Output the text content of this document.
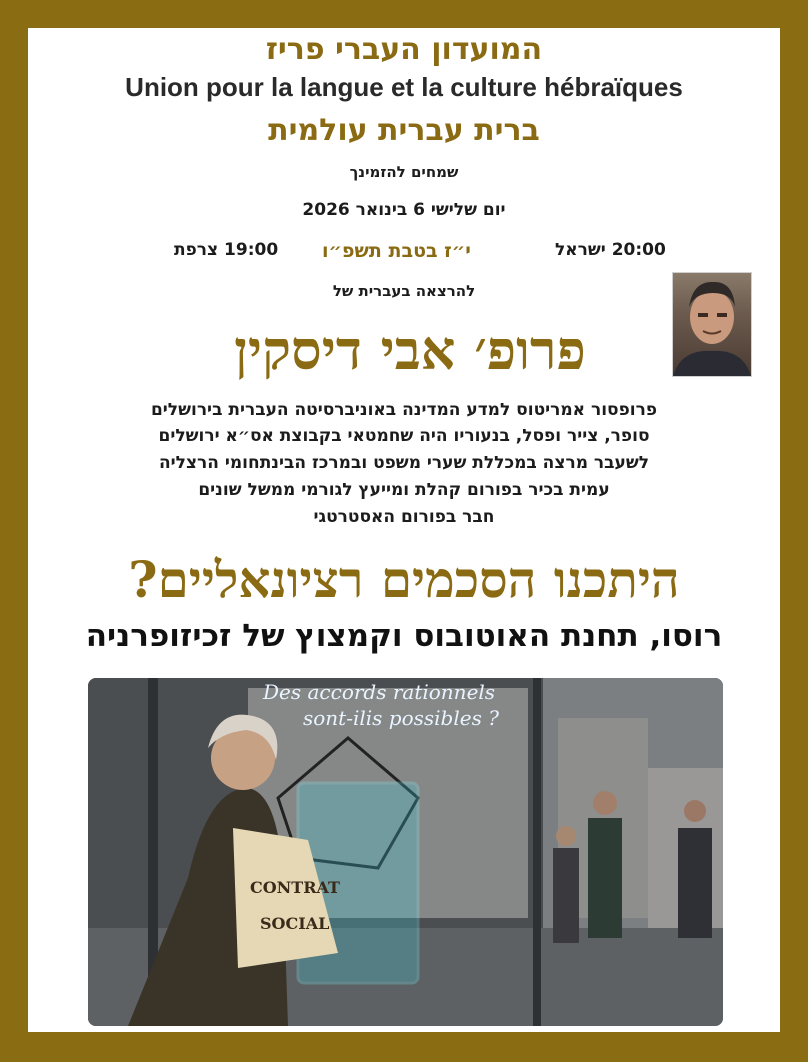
המועדון העברי פריז
Union pour la langue et la culture hébraïques
ברית עברית עולמית
שמחים להזמינך
יום שלישי 6 בינואר 2026
19:00 צרפת י״ז בטבת תשפ״ו	20:00 ישראל
להרצאה בעברית של
פרופ׳ אבי דיסקין
פרופסור אמריטוס למדע המדינה באוניברסיטה העברית בירושלים
סופר, צייר ופסל, בנעוריו היה שחמטאי בקבוצת אס״א ירושלים
לשעבר מרצה במכללת שערי משפט ובמרכז הבינתחומי הרצליה
עמית בכיר בפורום קהלת ומייעץ לגורמי ממשל שונים
חבר בפורום האסטרטגי
היתכנו הסכמים רציונאליים?
רוסו, תחנת האוטובוס וקמצוץ של זכיזופרניה
Des accords rationnels
sont-ilis possibles ?
CONTRAT
SOCIAL
